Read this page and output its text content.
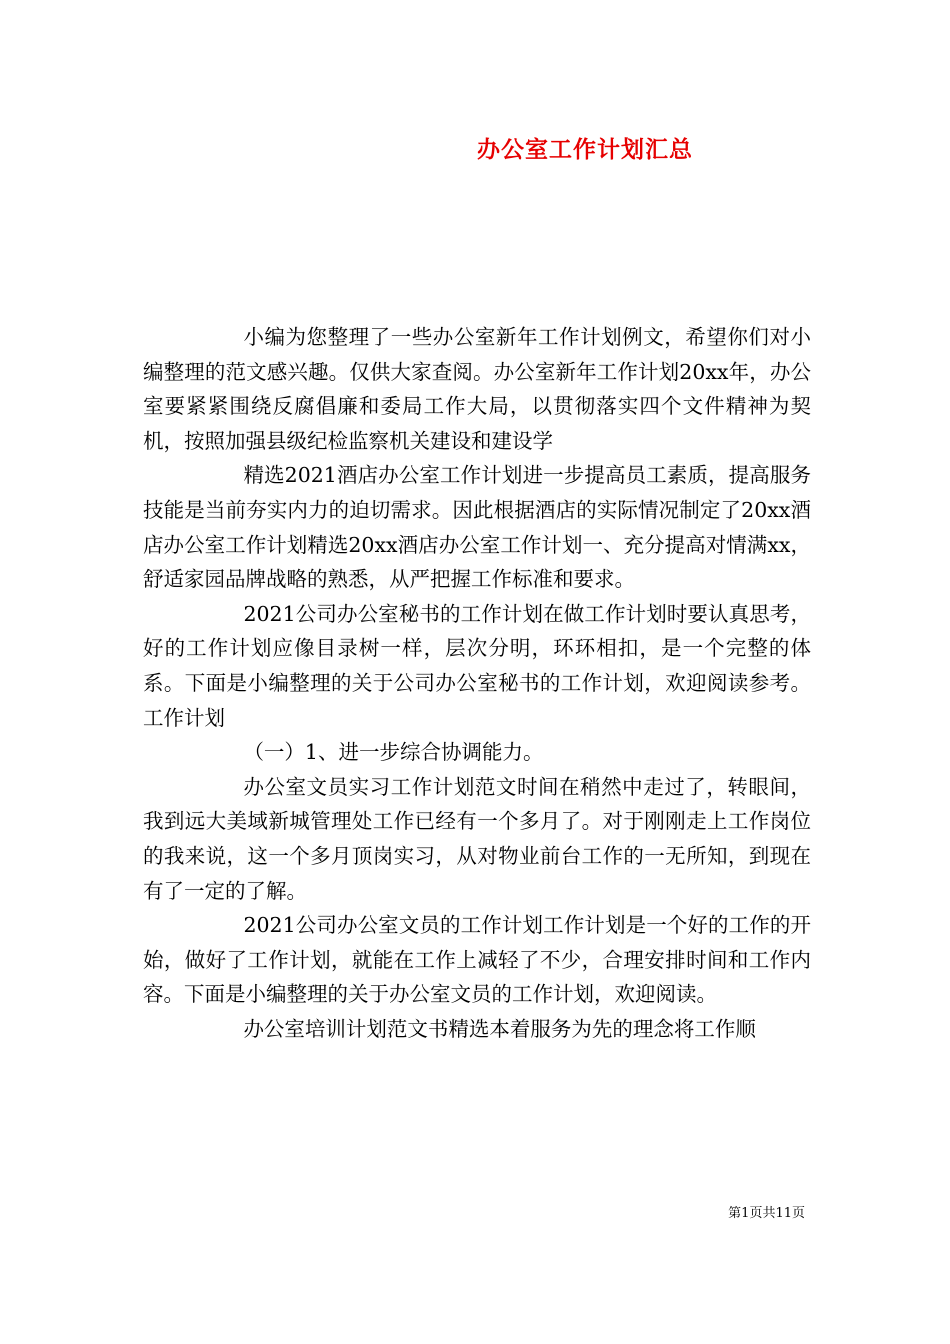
办公室工作计划汇总

小编为您整理了一些办公室新年工作计划例文，希望你们对小编整理的范文感兴趣。仅供大家查阅。办公室新年工作计划20xx年，办公室要紧紧围绕反腐倡廉和委局工作大局，以贯彻落实四个文件精神为契机，按照加强县级纪检监察机关建设和建设学

精选2021酒店办公室工作计划进一步提高员工素质，提高服务技能是当前夯实内力的迫切需求。因此根据酒店的实际情况制定了20xx酒店办公室工作计划精选20xx酒店办公室工作计划一、充分提高对情满xx，舒适家园品牌战略的熟悉，从严把握工作标准和要求。

2021公司办公室秘书的工作计划在做工作计划时要认真思考，好的工作计划应像目录树一样，层次分明，环环相扣，是一个完整的体系。下面是小编整理的关于公司办公室秘书的工作计划，欢迎阅读参考。工作计划

（一）1、进一步综合协调能力。

办公室文员实习工作计划范文时间在稍然中走过了，转眼间，我到远大美域新城管理处工作已经有一个多月了。对于刚刚走上工作岗位的我来说，这一个多月顶岗实习，从对物业前台工作的一无所知，到现在有了一定的了解。

2021公司办公室文员的工作计划工作计划是一个好的工作的开始，做好了工作计划，就能在工作上减轻了不少，合理安排时间和工作内容。下面是小编整理的关于办公室文员的工作计划，欢迎阅读。

办公室培训计划范文书精选本着服务为先的理念将工作顺

第1页共11页
